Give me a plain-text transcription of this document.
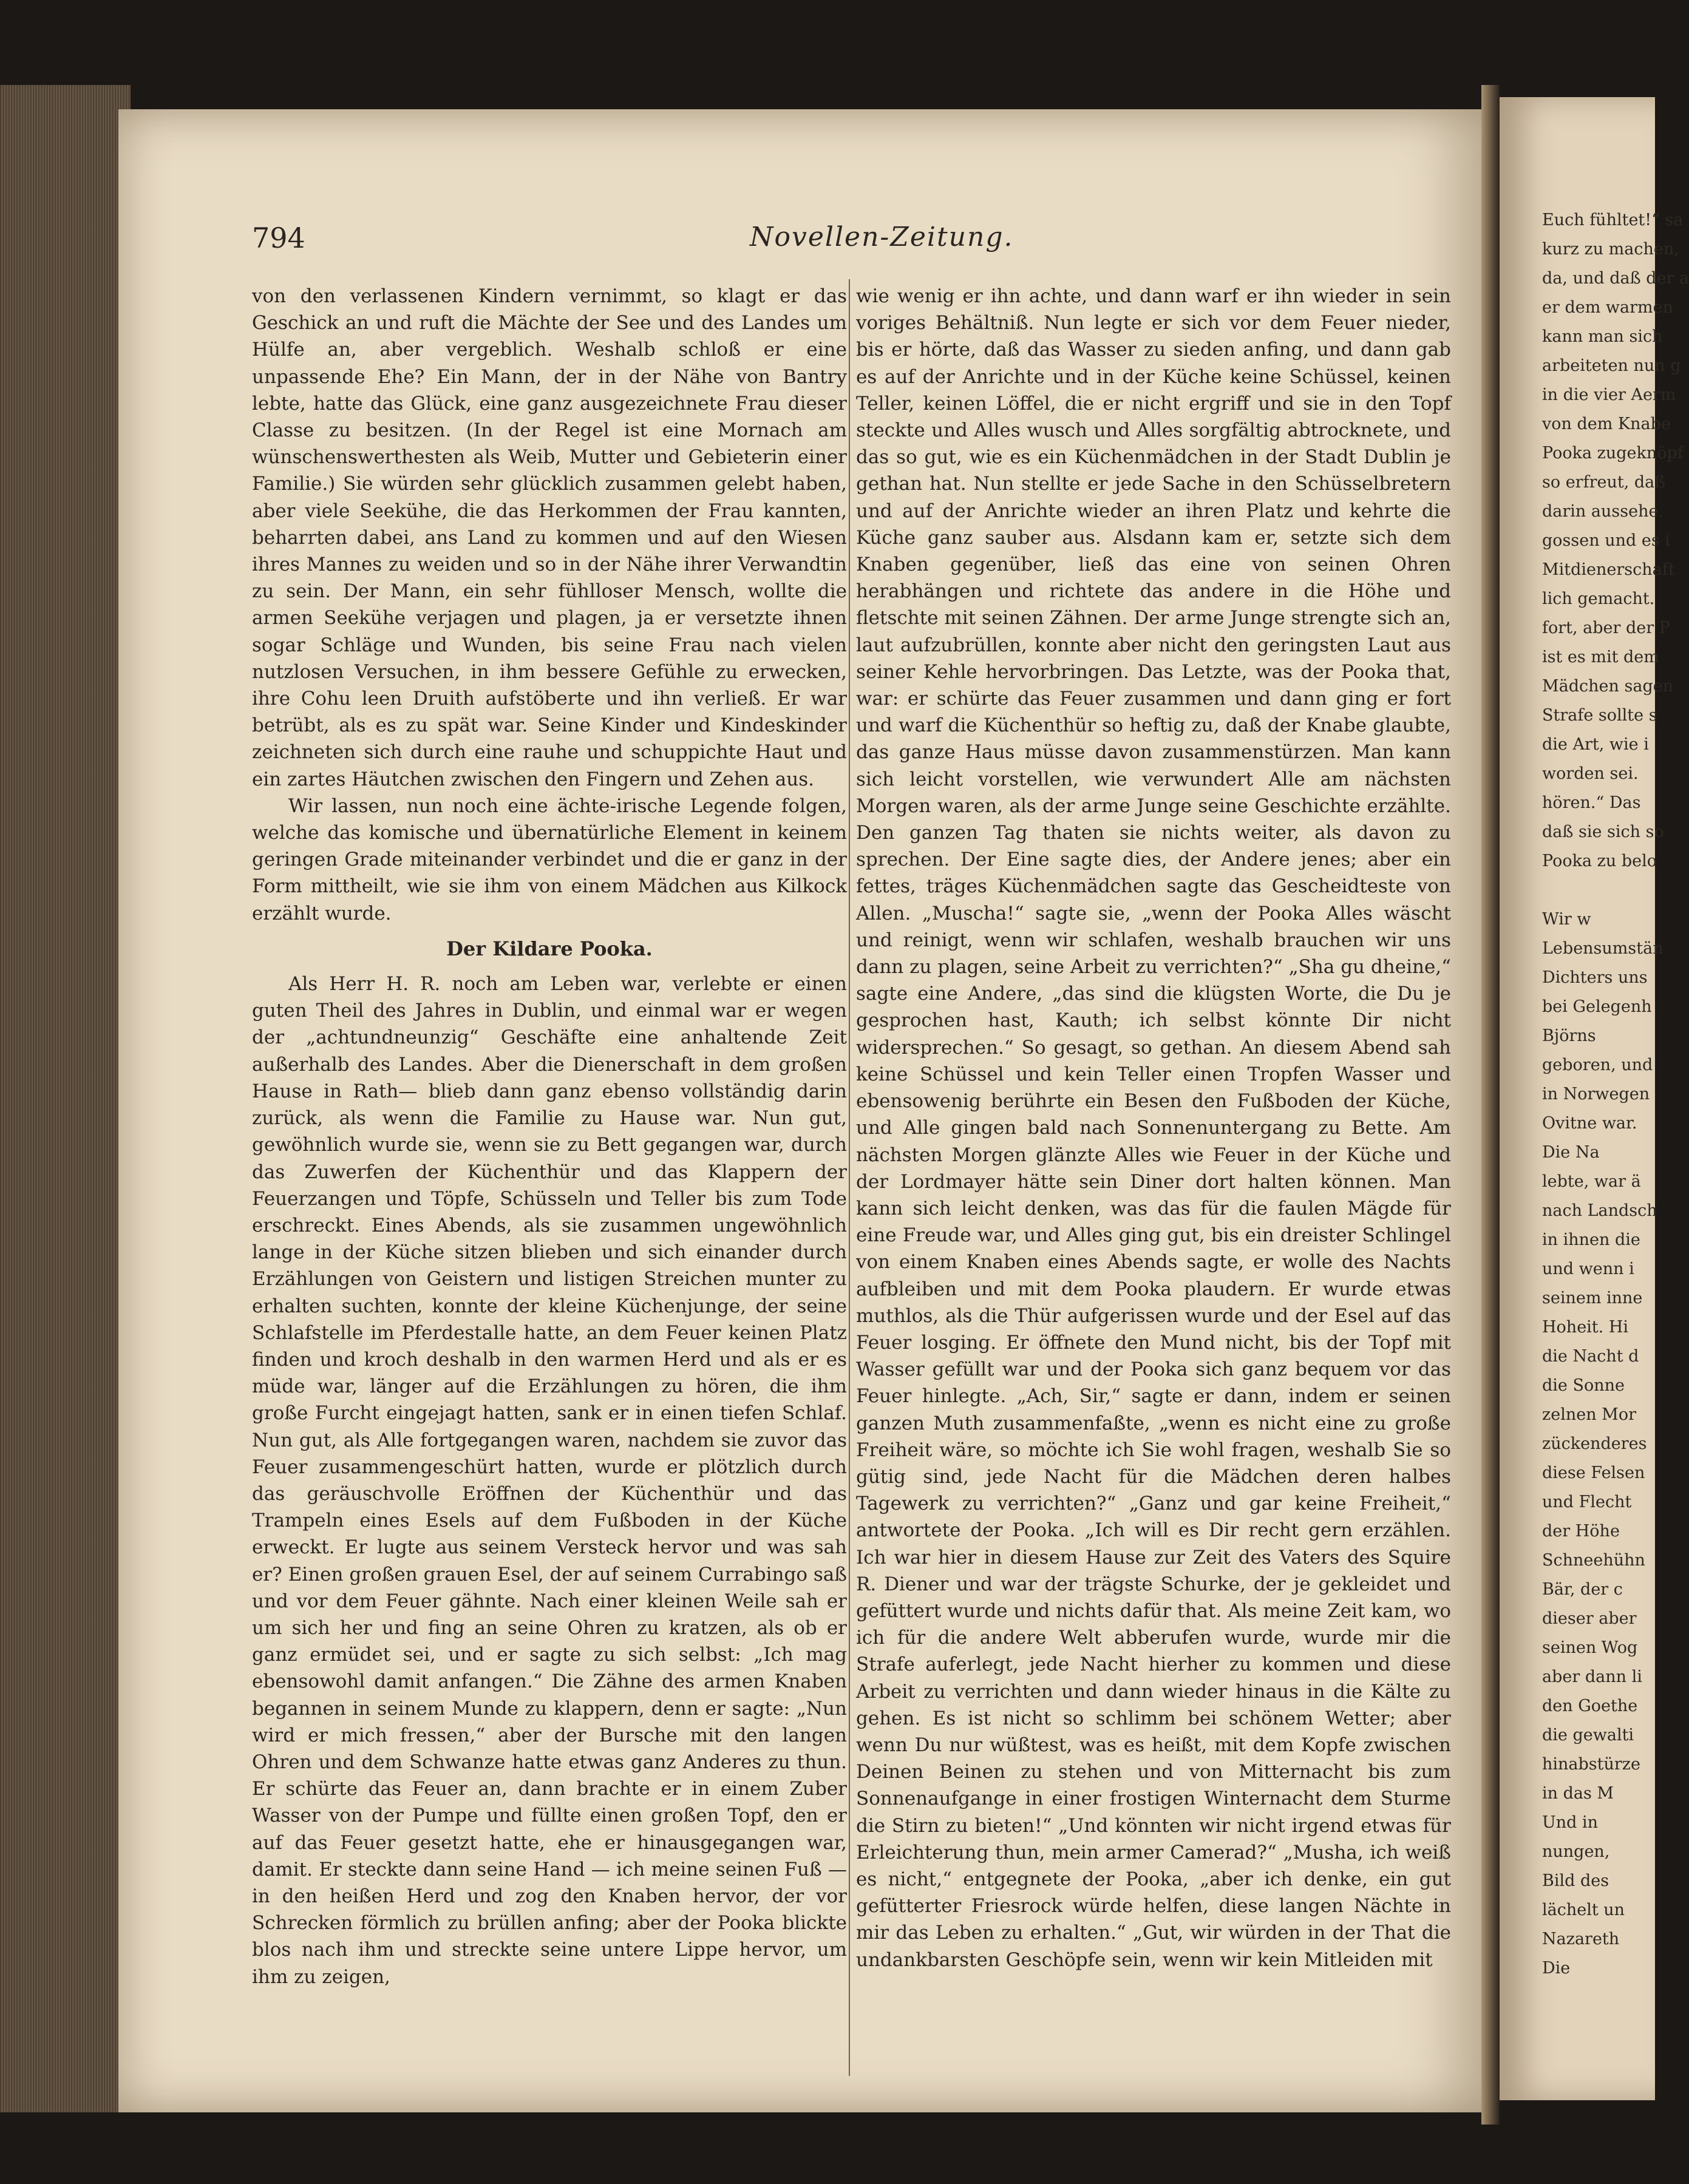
Euch fühltet!“ sa
kurz zu machen,
da, und daß der a
er dem warmen
kann man sich
arbeiteten nun g
in die vier Aerm
von dem Knabe
Pooka zugeknöpf
so erfreut, daß
darin aussehe.
gossen und es i
Mitdienerschaft
lich gemacht.
fort, aber der P
ist es mit dem
Mädchen sagen
Strafe sollte s
die Art, wie i
worden sei.
hören.“ Das
daß sie sich so
Pooka zu belo
Wir w
Lebensumstän
Dichters uns
bei Gelegenh
Björns
geboren, und
in Norwegen
Ovitne war.
Die Na
lebte, war ä
nach Landsch
in ihnen die
und wenn i
seinem inne
Hoheit. Hi
die Nacht d
die Sonne
zelnen Mor
zückenderes
diese Felsen
und Flecht
der Höhe
Schneehühn
Bär, der c
dieser aber
seinen Wog
aber dann li
den Goethe
die gewalti
hinabstürze
in das M
Und in
nungen,
Bild des
lächelt un
Nazareth
Die
794	Novellen-Zeitung.

von den verlassenen Kindern vernimmt, so klagt er das Geschick an und ruft die Mächte der See und des Landes um Hülfe an, aber vergeblich. Weshalb schloß er eine unpassende Ehe? Ein Mann, der in der Nähe von Bantry lebte, hatte das Glück, eine ganz ausgezeichnete Frau dieser Classe zu besitzen. (In der Regel ist eine Mornach am wünschenswerthesten als Weib, Mutter und Gebieterin einer Familie.) Sie würden sehr glücklich zusammen gelebt haben, aber viele Seekühe, die das Herkommen der Frau kannten, beharrten dabei, ans Land zu kommen und auf den Wiesen ihres Mannes zu weiden und so in der Nähe ihrer Verwandtin zu sein. Der Mann, ein sehr fühlloser Mensch, wollte die armen Seekühe verjagen und plagen, ja er versetzte ihnen sogar Schläge und Wunden, bis seine Frau nach vielen nutzlosen Versuchen, in ihm bessere Gefühle zu erwecken, ihre Cohu leen Druith aufstöberte und ihn verließ. Er war betrübt, als es zu spät war. Seine Kinder und Kindeskinder zeichneten sich durch eine rauhe und schuppichte Haut und ein zartes Häutchen zwischen den Fingern und Zehen aus.

Wir lassen, nun noch eine ächte-irische Legende folgen, welche das komische und übernatürliche Element in keinem geringen Grade miteinander verbindet und die er ganz in der Form mittheilt, wie sie ihm von einem Mädchen aus Kilkock erzählt wurde.

Der Kildare Pooka.

Als Herr H. R. noch am Leben war, verlebte er einen guten Theil des Jahres in Dublin, und einmal war er wegen der „achtundneunzig“ Geschäfte eine anhaltende Zeit außerhalb des Landes. Aber die Dienerschaft in dem großen Hause in Rath— blieb dann ganz ebenso vollständig darin zurück, als wenn die Familie zu Hause war. Nun gut, gewöhnlich wurde sie, wenn sie zu Bett gegangen war, durch das Zuwerfen der Küchenthür und das Klappern der Feuerzangen und Töpfe, Schüsseln und Teller bis zum Tode erschreckt. Eines Abends, als sie zusammen ungewöhnlich lange in der Küche sitzen blieben und sich einander durch Erzählungen von Geistern und listigen Streichen munter zu erhalten suchten, konnte der kleine Küchenjunge, der seine Schlafstelle im Pferdestalle hatte, an dem Feuer keinen Platz finden und kroch deshalb in den warmen Herd und als er es müde war, länger auf die Erzählungen zu hören, die ihm große Furcht eingejagt hatten, sank er in einen tiefen Schlaf. Nun gut, als Alle fortgegangen waren, nachdem sie zuvor das Feuer zusammengeschürt hatten, wurde er plötzlich durch das geräuschvolle Eröffnen der Küchenthür und das Trampeln eines Esels auf dem Fußboden in der Küche erweckt. Er lugte aus seinem Versteck hervor und was sah er? Einen großen grauen Esel, der auf seinem Currabingo saß und vor dem Feuer gähnte. Nach einer kleinen Weile sah er um sich her und fing an seine Ohren zu kratzen, als ob er ganz ermüdet sei, und er sagte zu sich selbst: „Ich mag ebensowohl damit anfangen.“ Die Zähne des armen Knaben begannen in seinem Munde zu klappern, denn er sagte: „Nun wird er mich fressen,“ aber der Bursche mit den langen Ohren und dem Schwanze hatte etwas ganz Anderes zu thun. Er schürte das Feuer an, dann brachte er in einem Zuber Wasser von der Pumpe und füllte einen großen Topf, den er auf das Feuer gesetzt hatte, ehe er hinausgegangen war, damit. Er steckte dann seine Hand — ich meine seinen Fuß — in den heißen Herd und zog den Knaben hervor, der vor Schrecken förmlich zu brüllen anfing; aber der Pooka blickte blos nach ihm und streckte seine untere Lippe hervor, um ihm zu zeigen,

wie wenig er ihn achte, und dann warf er ihn wieder in sein voriges Behältniß. Nun legte er sich vor dem Feuer nieder, bis er hörte, daß das Wasser zu sieden anfing, und dann gab es auf der Anrichte und in der Küche keine Schüssel, keinen Teller, keinen Löffel, die er nicht ergriff und sie in den Topf steckte und Alles wusch und Alles sorgfältig abtrocknete, und das so gut, wie es ein Küchenmädchen in der Stadt Dublin je gethan hat. Nun stellte er jede Sache in den Schüsselbretern und auf der Anrichte wieder an ihren Platz und kehrte die Küche ganz sauber aus. Alsdann kam er, setzte sich dem Knaben gegenüber, ließ das eine von seinen Ohren herabhängen und richtete das andere in die Höhe und fletschte mit seinen Zähnen. Der arme Junge strengte sich an, laut aufzubrüllen, konnte aber nicht den geringsten Laut aus seiner Kehle hervorbringen. Das Letzte, was der Pooka that, war: er schürte das Feuer zusammen und dann ging er fort und warf die Küchenthür so heftig zu, daß der Knabe glaubte, das ganze Haus müsse davon zusammenstürzen. Man kann sich leicht vorstellen, wie verwundert Alle am nächsten Morgen waren, als der arme Junge seine Geschichte erzählte. Den ganzen Tag thaten sie nichts weiter, als davon zu sprechen. Der Eine sagte dies, der Andere jenes; aber ein fettes, träges Küchenmädchen sagte das Gescheidteste von Allen. „Muscha!“ sagte sie, „wenn der Pooka Alles wäscht und reinigt, wenn wir schlafen, weshalb brauchen wir uns dann zu plagen, seine Arbeit zu verrichten?“ „Sha gu dheine,“ sagte eine Andere, „das sind die klügsten Worte, die Du je gesprochen hast, Kauth; ich selbst könnte Dir nicht widersprechen.“ So gesagt, so gethan. An diesem Abend sah keine Schüssel und kein Teller einen Tropfen Wasser und ebensowenig berührte ein Besen den Fußboden der Küche, und Alle gingen bald nach Sonnenuntergang zu Bette. Am nächsten Morgen glänzte Alles wie Feuer in der Küche und der Lordmayer hätte sein Diner dort halten können. Man kann sich leicht denken, was das für die faulen Mägde für eine Freude war, und Alles ging gut, bis ein dreister Schlingel von einem Knaben eines Abends sagte, er wolle des Nachts aufbleiben und mit dem Pooka plaudern. Er wurde etwas muthlos, als die Thür aufgerissen wurde und der Esel auf das Feuer losging. Er öffnete den Mund nicht, bis der Topf mit Wasser gefüllt war und der Pooka sich ganz bequem vor das Feuer hinlegte. „Ach, Sir,“ sagte er dann, indem er seinen ganzen Muth zusammenfaßte, „wenn es nicht eine zu große Freiheit wäre, so möchte ich Sie wohl fragen, weshalb Sie so gütig sind, jede Nacht für die Mädchen deren halbes Tagewerk zu verrichten?“ „Ganz und gar keine Freiheit,“ antwortete der Pooka. „Ich will es Dir recht gern erzählen. Ich war hier in diesem Hause zur Zeit des Vaters des Squire R. Diener und war der trägste Schurke, der je gekleidet und gefüttert wurde und nichts dafür that. Als meine Zeit kam, wo ich für die andere Welt abberufen wurde, wurde mir die Strafe auferlegt, jede Nacht hierher zu kommen und diese Arbeit zu verrichten und dann wieder hinaus in die Kälte zu gehen. Es ist nicht so schlimm bei schönem Wetter; aber wenn Du nur wüßtest, was es heißt, mit dem Kopfe zwischen Deinen Beinen zu stehen und von Mitternacht bis zum Sonnenaufgange in einer frostigen Winternacht dem Sturme die Stirn zu bieten!“ „Und könnten wir nicht irgend etwas für Erleichterung thun, mein armer Camerad?“ „Musha, ich weiß es nicht,“ entgegnete der Pooka, „aber ich denke, ein gut gefütterter Friesrock würde helfen, diese langen Nächte in mir das Leben zu erhalten.“ „Gut, wir würden in der That die undankbarsten Geschöpfe sein, wenn wir kein Mitleiden mit
